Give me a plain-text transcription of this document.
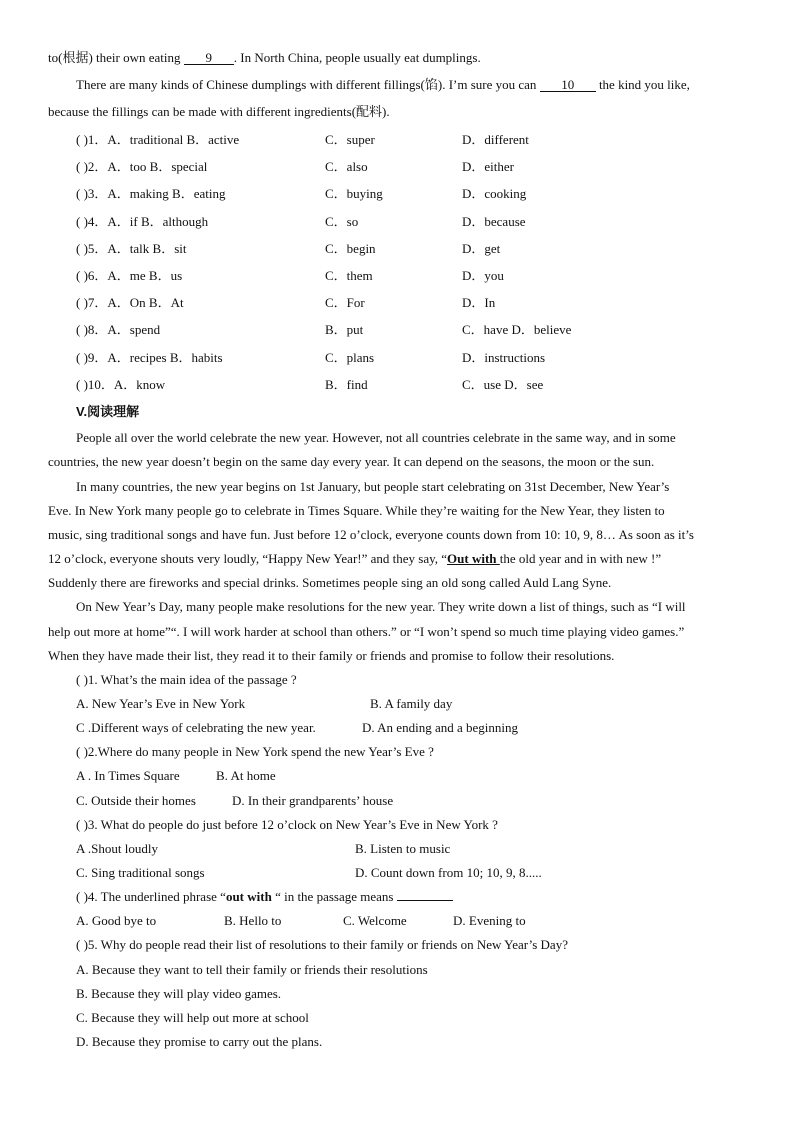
to(根据) their own eating 9 . In North China, people usually eat dumplings.
There are many kinds of Chinese dumplings with different fillings(馅). I’m sure you can 10 the kind you like,
because the fillings can be made with different ingredients(配料).
( )1．A．traditional B．active	C．super	D．different
( )2．A．too B．special	C．also	D．either
( )3．A．making B．eating	C．buying	D．cooking
( )4．A．if B．although	C．so	D．because
( )5．A．talk B．sit	C．begin	D．get
( )6．A．me B．us	C．them	D．you
( )7．A．On B．At	C．For	D．In
( )8．A．spend	B．put	C．have D．believe
( )9．A．recipes B．habits	C．plans	D．instructions
( )10．A．know	B．find	C．use D．see
V.阅读理解
People all over the world celebrate the new year. However, not all countries celebrate in the same way, and in some
countries, the new year doesn’t begin on the same day every year. It can depend on the seasons, the moon or the sun.
In many countries, the new year begins on 1st January, but people start celebrating on 31st December, New Year’s
Eve. In New York many people go to celebrate in Times Square. While they’re waiting for the New Year, they listen to
music, sing traditional songs and have fun. Just before 12 o’clock, everyone counts down from 10: 10, 9, 8… As soon as it’s
12 o’clock, everyone shouts very loudly, “Happy New Year!” and they say, “Out with the old year and in with new !”
Suddenly there are fireworks and special drinks. Sometimes people sing an old song called Auld Lang Syne.
On New Year’s Day, many people make resolutions for the new year. They write down a list of things, such as “I will
help out more at home”“. I will work harder at school than others.” or “I won’t spend so much time playing video games.”
When they have made their list, they read it to their family or friends and promise to follow their resolutions.
( )1. What’s the main idea of the passage ?
A. New Year’s Eve in New York	B. A family day
C .Different ways of celebrating the new year.	D. An ending and a beginning
( )2.Where do many people in New York spend the new Year’s Eve ?
A . In Times Square	B. At home
C. Outside their homes	D. In their grandparents’ house
( )3. What do people do just before 12 o’clock on New Year’s Eve in New York ?
A .Shout loudly	B. Listen to music
C. Sing traditional songs	D. Count down from 10; 10, 9, 8.....
( )4. The underlined phrase “out with “ in the passage means
A. Good bye to	B. Hello to	C. Welcome	D. Evening to
( )5. Why do people read their list of resolutions to their family or friends on New Year’s Day?
A. Because they want to tell their family or friends their resolutions
B. Because they will play video games.
C. Because they will help out more at school
D. Because they promise to carry out the plans.
